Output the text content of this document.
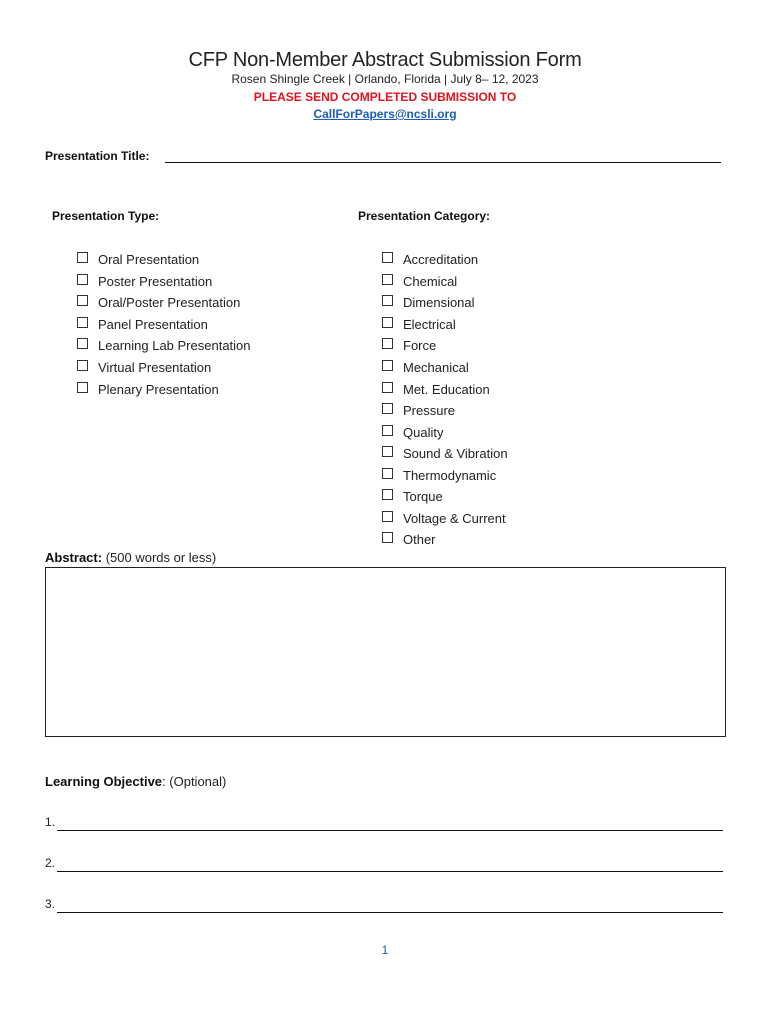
CFP Non-Member Abstract Submission Form
Rosen Shingle Creek | Orlando, Florida | July 8– 12, 2023
PLEASE SEND COMPLETED SUBMISSION TO
CallForPapers@ncsli.org
Presentation Title:
Presentation Type:	Presentation Category:
Oral Presentation
Poster Presentation
Oral/Poster Presentation
Panel Presentation
Learning Lab Presentation
Virtual Presentation
Plenary Presentation
Accreditation
Chemical
Dimensional
Electrical
Force
Mechanical
Met. Education
Pressure
Quality
Sound & Vibration
Thermodynamic
Torque
Voltage & Current
Other
Abstract: (500 words or less)
Learning Objective: (Optional)
1.
2.
3.
1
